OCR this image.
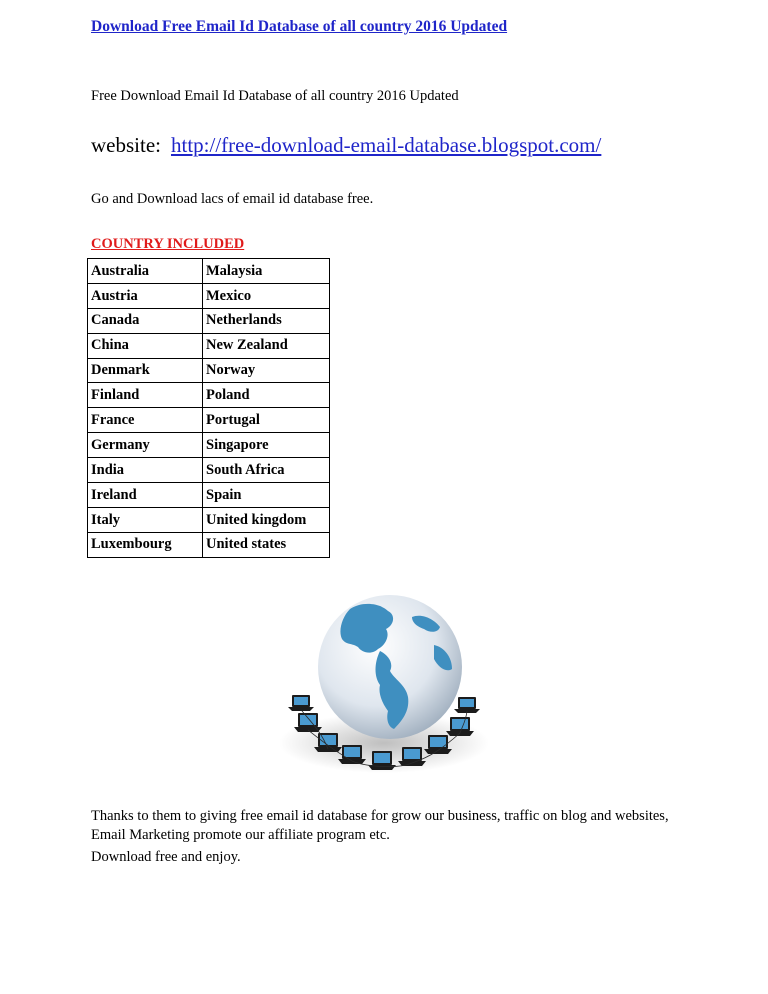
Download Free Email Id Database of all country 2016 Updated
Free Download Email Id Database of all country 2016 Updated
website: http://free-download-email-database.blogspot.com/
Go and Download lacs of email id database free.
COUNTRY INCLUDED
Australia	Malaysia
Austria	Mexico
Canada	Netherlands
China	New Zealand
Denmark	Norway
Finland	Poland
France	Portugal
Germany	Singapore
India	South Africa
Ireland	Spain
Italy	United kingdom
Luxembourg	United states
Thanks to them to giving free email id database for grow our business, traffic on blog and websites, Email Marketing promote our affiliate program etc.
Download free and enjoy.
